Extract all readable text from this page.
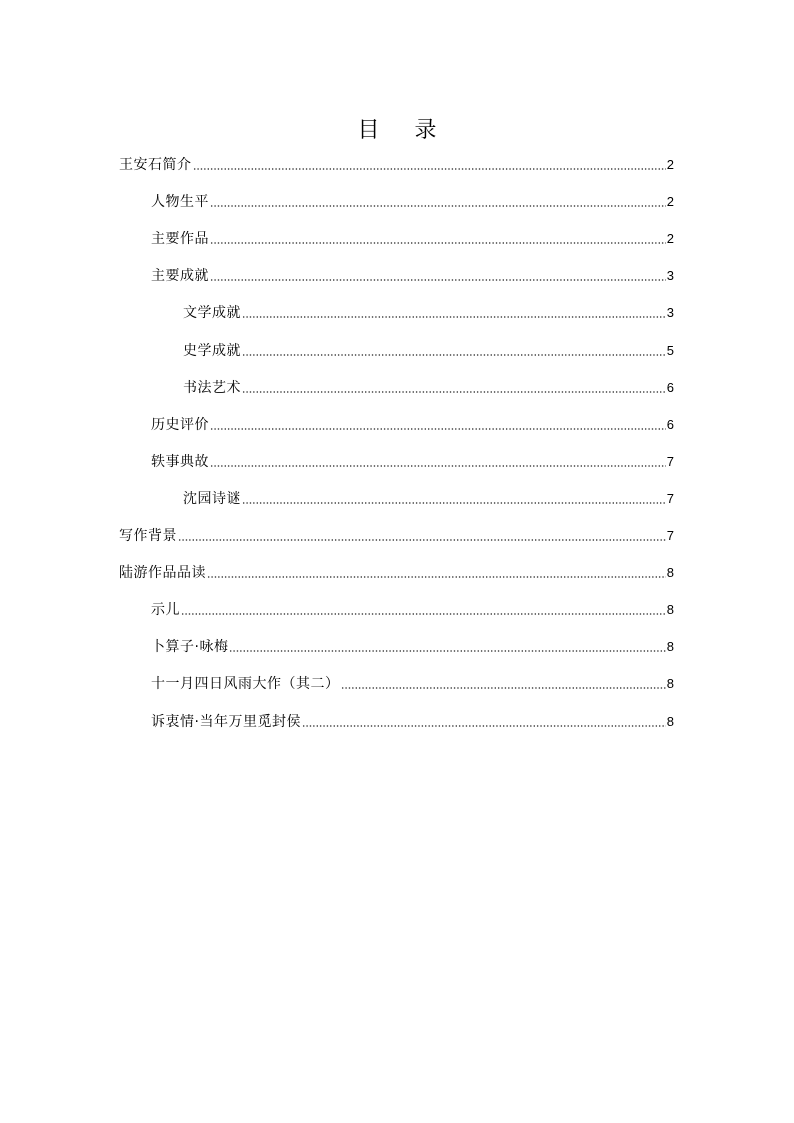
目 录
王安石简介	2
人物生平	2
主要作品	2
主要成就	3
文学成就	3
史学成就	5
书法艺术	6
历史评价	6
轶事典故	7
沈园诗谜	7
写作背景	7
陆游作品品读	8
示儿	8
卜算子·咏梅	8
十一月四日风雨大作（其二）	8
诉衷情·当年万里觅封侯	8
